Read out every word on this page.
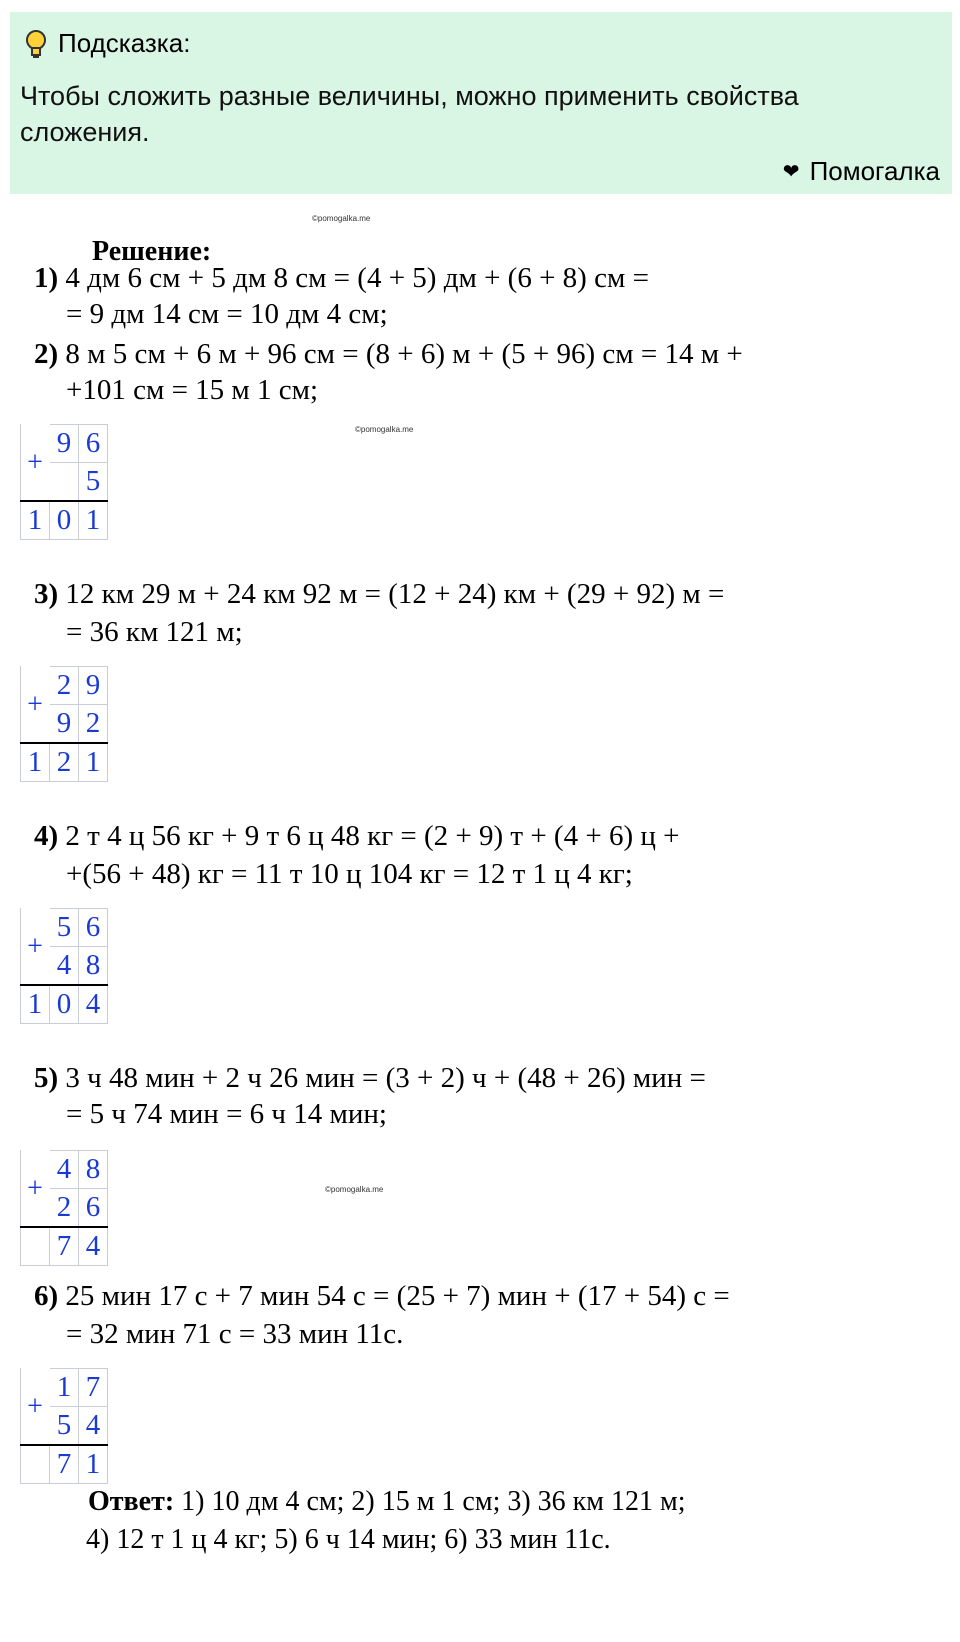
Подсказка:
Чтобы сложить разные величины, можно применить свойства сложения.
❤ Помогалка
©pomogalka.me
©pomogalka.me
©pomogalka.me
Решение:
1) 4 дм 6 см + 5 дм 8 см = (4 + 5) дм + (6 + 8) см =
= 9 дм 14 см = 10 дм 4 см;
2) 8 м 5 см + 6 м + 96 см = (8 + 6) м + (5 + 96) см = 14 м +
+101 см = 15 м 1 см;
+	9	6
		5
1	0	1
3) 12 км 29 м + 24 км 92 м = (12 + 24) км + (29 + 92) м =
= 36 км 121 м;
+	2	9
	9	2
1	2	1
4) 2 т 4 ц 56 кг + 9 т 6 ц 48 кг = (2 + 9) т + (4 + 6) ц +
+(56 + 48) кг = 11 т 10 ц 104 кг = 12 т 1 ц 4 кг;
+	5	6
	4	8
1	0	4
5) 3 ч 48 мин + 2 ч 26 мин = (3 + 2) ч + (48 + 26) мин =
= 5 ч 74 мин = 6 ч 14 мин;
+	4	8
	2	6
	7	4
6) 25 мин 17 с + 7 мин 54 с = (25 + 7) мин + (17 + 54) с =
= 32 мин 71 с = 33 мин 11с.
+	1	7
	5	4
	7	1
Ответ: 1) 10 дм 4 см; 2) 15 м 1 см; 3) 36 км 121 м;
4) 12 т 1 ц 4 кг; 5) 6 ч 14 мин; 6) 33 мин 11с.
